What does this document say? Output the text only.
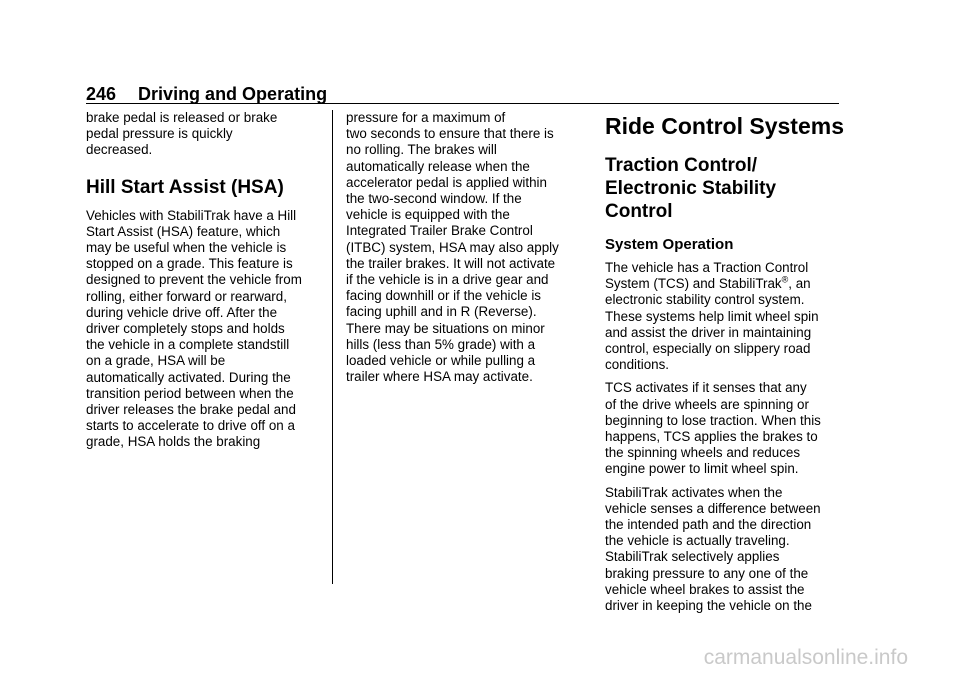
246 Driving and Operating

brake pedal is released or brake

pedal pressure is quickly

decreased.

Hill Start Assist (HSA)

Vehicles with StabiliTrak have a Hill

Start Assist (HSA) feature, which

may be useful when the vehicle is

stopped on a grade. This feature is

designed to prevent the vehicle from

rolling, either forward or rearward,

during vehicle drive off. After the

driver completely stops and holds

the vehicle in a complete standstill

on a grade, HSA will be

automatically activated. During the

transition period between when the

driver releases the brake pedal and

starts to accelerate to drive off on a

grade, HSA holds the braking

pressure for a maximum of

two seconds to ensure that there is

no rolling. The brakes will

automatically release when the

accelerator pedal is applied within

the two-second window. If the

vehicle is equipped with the

Integrated Trailer Brake Control

(ITBC) system, HSA may also apply

the trailer brakes. It will not activate

if the vehicle is in a drive gear and

facing downhill or if the vehicle is

facing uphill and in R (Reverse).

There may be situations on minor

hills (less than 5% grade) with a

loaded vehicle or while pulling a

trailer where HSA may activate.

Ride Control Systems
Traction Control/
Electronic Stability
Control
System Operation

The vehicle has a Traction Control

System (TCS) and StabiliTrak®, an

electronic stability control system.

These systems help limit wheel spin

and assist the driver in maintaining

control, especially on slippery road

conditions.

TCS activates if it senses that any

of the drive wheels are spinning or

beginning to lose traction. When this

happens, TCS applies the brakes to

the spinning wheels and reduces

engine power to limit wheel spin.

StabiliTrak activates when the

vehicle senses a difference between

the intended path and the direction

the vehicle is actually traveling.

StabiliTrak selectively applies

braking pressure to any one of the

vehicle wheel brakes to assist the

driver in keeping the vehicle on the

carmanualsonline.info
